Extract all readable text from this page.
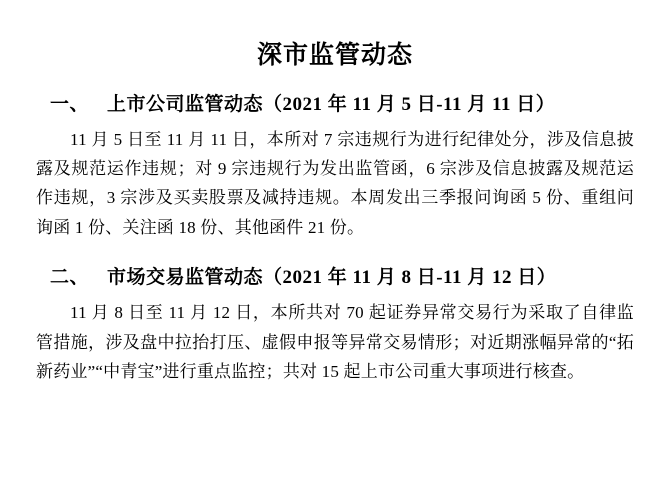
深市监管动态
一、 上市公司监管动态（2021 年 11 月 5 日-11 月 11 日）

11 月 5 日至 11 月 11 日，本所对 7 宗违规行为进行纪律处分，涉及信息披露及规范运作违规；对 9 宗违规行为发出监管函，6 宗涉及信息披露及规范运作违规，3 宗涉及买卖股票及减持违规。本周发出三季报问询函 5 份、重组问询函 1 份、关注函 18 份、其他函件 21 份。

二、 市场交易监管动态（2021 年 11 月 8 日-11 月 12 日）

11 月 8 日至 11 月 12 日，本所共对 70 起证券异常交易行为采取了自律监管措施，涉及盘中拉抬打压、虚假申报等异常交易情形；对近期涨幅异常的“拓新药业”“中青宝”进行重点监控；共对 15 起上市公司重大事项进行核查。
